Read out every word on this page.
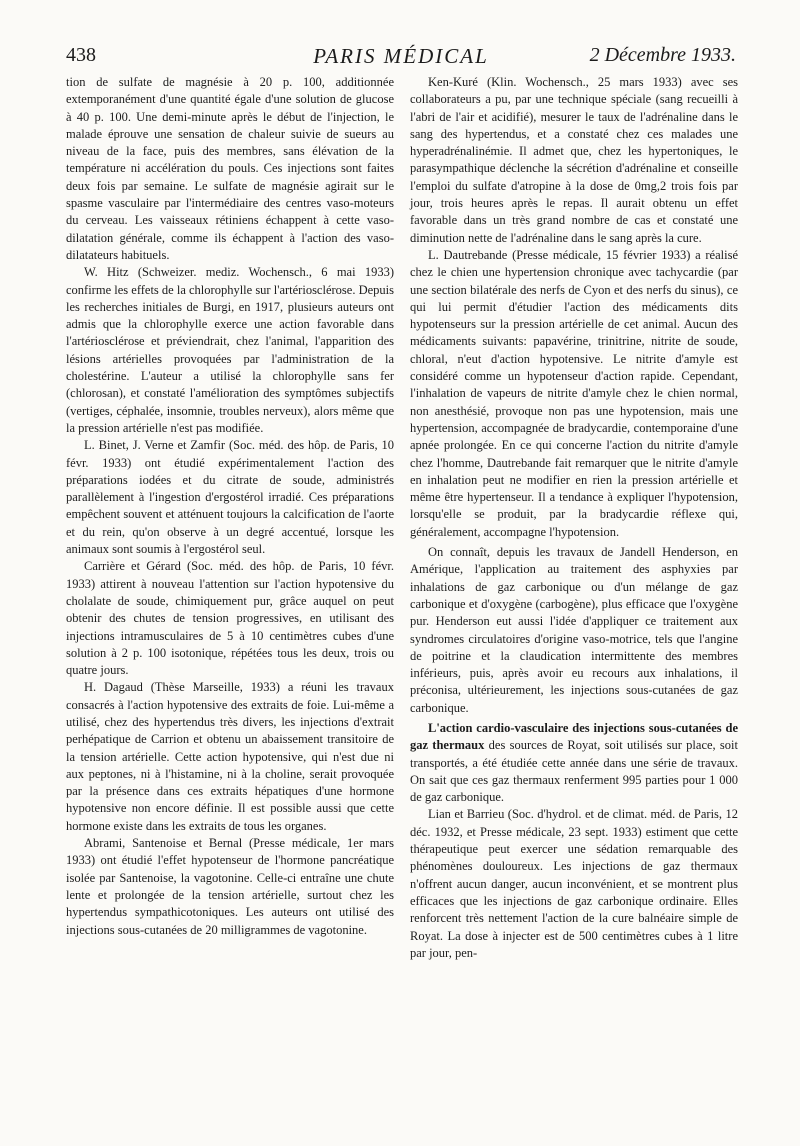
438	PARIS MÉDICAL	2 Décembre 1933.

tion de sulfate de magnésie à 20 p. 100, additionnée extemporanément d'une quantité égale d'une solution de glucose à 40 p. 100. Une demi-minute après le début de l'injection, le malade éprouve une sensation de chaleur suivie de sueurs au niveau de la face, puis des membres, sans élévation de la température ni accélération du pouls. Ces injections sont faites deux fois par semaine. Le sulfate de magnésie agirait sur le spasme vasculaire par l'intermédiaire des centres vaso-moteurs du cerveau. Les vaisseaux rétiniens échappent à cette vaso-dilatation générale, comme ils échappent à l'action des vaso-dilatateurs habituels.

W. Hitz (Schweizer. mediz. Wochensch., 6 mai 1933) confirme les effets de la chlorophylle sur l'artériosclérose. Depuis les recherches initiales de Burgi, en 1917, plusieurs auteurs ont admis que la chlorophylle exerce une action favorable dans l'artériosclérose et préviendrait, chez l'animal, l'apparition des lésions artérielles provoquées par l'administration de la cholestérine. L'auteur a utilisé la chlorophylle sans fer (chlorosan), et constaté l'amélioration des symptômes subjectifs (vertiges, céphalée, insomnie, troubles nerveux), alors même que la pression artérielle n'est pas modifiée.

L. Binet, J. Verne et Zamfir (Soc. méd. des hôp. de Paris, 10 févr. 1933) ont étudié expérimentalement l'action des préparations iodées et du citrate de soude, administrés parallèlement à l'ingestion d'ergostérol irradié. Ces préparations empêchent souvent et atténuent toujours la calcification de l'aorte et du rein, qu'on observe à un degré accentué, lorsque les animaux sont soumis à l'ergostérol seul.

Carrière et Gérard (Soc. méd. des hôp. de Paris, 10 févr. 1933) attirent à nouveau l'attention sur l'action hypotensive du cholalate de soude, chimiquement pur, grâce auquel on peut obtenir des chutes de tension progressives, en utilisant des injections intramusculaires de 5 à 10 centimètres cubes d'une solution à 2 p. 100 isotonique, répétées tous les deux, trois ou quatre jours.

H. Dagaud (Thèse Marseille, 1933) a réuni les travaux consacrés à l'action hypotensive des extraits de foie. Lui-même a utilisé, chez des hypertendus très divers, les injections d'extrait perhépatique de Carrion et obtenu un abaissement transitoire de la tension artérielle. Cette action hypotensive, qui n'est due ni aux peptones, ni à l'histamine, ni à la choline, serait provoquée par la présence dans ces extraits hépatiques d'une hormone hypotensive non encore définie. Il est possible aussi que cette hormone existe dans les extraits de tous les organes.

Abrami, Santenoise et Bernal (Presse médicale, 1er mars 1933) ont étudié l'effet hypotenseur de l'hormone pancréatique isolée par Santenoise, la vagotonine. Celle-ci entraîne une chute lente et prolongée de la tension artérielle, surtout chez les hypertendus sympathicotoniques. Les auteurs ont utilisé des injections sous-cutanées de 20 milligrammes de vagotonine.

Ken-Kuré (Klin. Wochensch., 25 mars 1933) avec ses collaborateurs a pu, par une technique spéciale (sang recueilli à l'abri de l'air et acidifié), mesurer le taux de l'adrénaline dans le sang des hypertendus, et a constaté chez ces malades une hyperadrénalinémie. Il admet que, chez les hypertoniques, le parasympathique déclenche la sécrétion d'adrénaline et conseille l'emploi du sulfate d'atropine à la dose de 0mg,2 trois fois par jour, trois heures après le repas. Il aurait obtenu un effet favorable dans un très grand nombre de cas et constaté une diminution nette de l'adrénaline dans le sang après la cure.

L. Dautrebande (Presse médicale, 15 février 1933) a réalisé chez le chien une hypertension chronique avec tachycardie (par une section bilatérale des nerfs de Cyon et des nerfs du sinus), ce qui lui permit d'étudier l'action des médicaments dits hypotenseurs sur la pression artérielle de cet animal. Aucun des médicaments suivants: papavérine, trinitrine, nitrite de soude, chloral, n'eut d'action hypotensive. Le nitrite d'amyle est considéré comme un hypotenseur d'action rapide. Cependant, l'inhalation de vapeurs de nitrite d'amyle chez le chien normal, non anesthésié, provoque non pas une hypotension, mais une hypertension, accompagnée de bradycardie, contemporaine d'une apnée prolongée. En ce qui concerne l'action du nitrite d'amyle chez l'homme, Dautrebande fait remarquer que le nitrite d'amyle en inhalation peut ne modifier en rien la pression artérielle et même être hypertenseur. Il a tendance à expliquer l'hypotension, lorsqu'elle se produit, par la bradycardie réflexe qui, généralement, accompagne l'hypotension.

On connaît, depuis les travaux de Jandell Henderson, en Amérique, l'application au traitement des asphyxies par inhalations de gaz carbonique ou d'un mélange de gaz carbonique et d'oxygène (carbogène), plus efficace que l'oxygène pur. Henderson eut aussi l'idée d'appliquer ce traitement aux syndromes circulatoires d'origine vaso-motrice, tels que l'angine de poitrine et la claudication intermittente des membres inférieurs, puis, après avoir eu recours aux inhalations, il préconisa, ultérieurement, les injections sous-cutanées de gaz carbonique.

L'action cardio-vasculaire des injections sous-cutanées de gaz thermaux des sources de Royat, soit utilisés sur place, soit transportés, a été étudiée cette année dans une série de travaux. On sait que ces gaz thermaux renferment 995 parties pour 1 000 de gaz carbonique.

Lian et Barrieu (Soc. d'hydrol. et de climat. méd. de Paris, 12 déc. 1932, et Presse médicale, 23 sept. 1933) estiment que cette thérapeutique peut exercer une sédation remarquable des phénomènes douloureux. Les injections de gaz thermaux n'offrent aucun danger, aucun inconvénient, et se montrent plus efficaces que les injections de gaz carbonique ordinaire. Elles renforcent très nettement l'action de la cure balnéaire simple de Royat. La dose à injecter est de 500 centimètres cubes à 1 litre par jour, pen-
